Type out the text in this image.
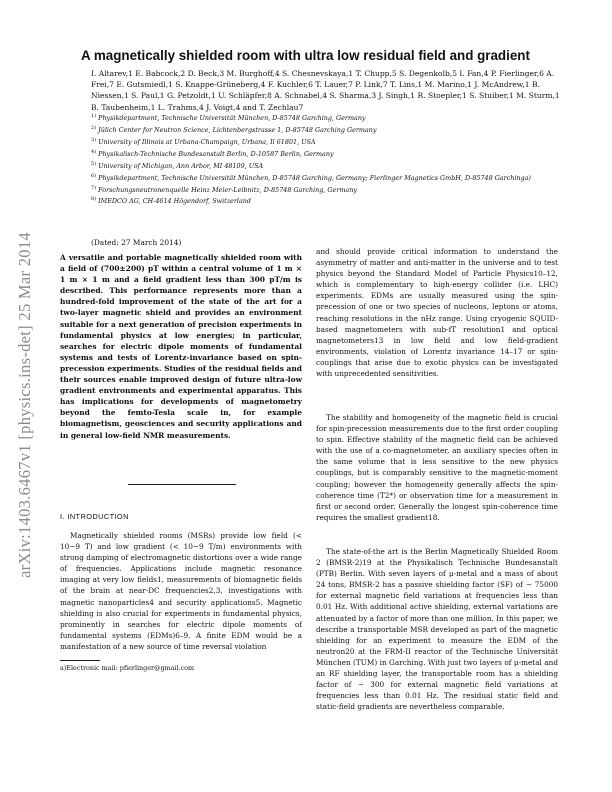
arXiv:1403.6467v1 [physics.ins-det] 25 Mar 2014
A magnetically shielded room with ultra low residual field and gradient

I. Altarev,1 E. Babcock,2 D. Beck,3 M. Burghoff,4 S. Chesnevskaya,1 T. Chupp,5 S. Degenkolb,5 I. Fan,4 P. Fierlinger,6 A. Frei,7 E. Gutsmiedl,1 S. Knappe-Grüneberg,4 F. Kuchler,6 T. Lauer,7 P. Link,7 T. Lins,1 M. Marino,1 J. McAndrew,1 B. Niessen,1 S. Paul,1 G. Petzoldt,1 U. Schläpfer,8 A. Schnabel,4 S. Sharma,3 J. Singh,1 R. Stoepler,1 S. Stuiber,1 M. Sturm,1 B. Taubenheim,1 L. Trahms,4 J. Voigt,4 and T. Zechlau7

$^{1)}$ Physikdepartment, Technische Universität München, D-85748 Garching, Germany
$^{2)}$ Jülich Center for Neutron Science, Lichtenbergstrasse 1, D-85748 Garching Germany
$^{3)}$ University of Illinois at Urbana-Champaign, Urbana, Il 61801, USA
$^{4)}$ Physikalisch-Technische Bundesanstalt Berlin, D-10587 Berlin, Germany
$^{5)}$ University of Michigan, Ann Arbor, MI 48109, USA
$^{6)}$ Physikdepartment, Technische Universität München, D-85748 Garching, Germany; Fierlinger Magnetics GmbH, D-85748 Garchinga)
$^{7)}$ Forschungsneutronenquelle Heinz Meier-Leibnitz, D-85748 Garching, Germany
$^{8)}$ IMEDCO AG, CH-4614 Högendorf, Switzerland

(Dated: 27 March 2014)

A versatile and portable magnetically shielded room with a field of (700±200) pT within a central volume of 1 m × 1 m × 1 m and a field gradient less than 300 pT/m is described. This performance represents more than a hundred-fold improvement of the state of the art for a two-layer magnetic shield and provides an environment suitable for a next generation of precision experiments in fundamental physics at low energies; in particular, searches for electric dipole moments of fundamental systems and tests of Lorentz-invariance based on spin-precession experiments. Studies of the residual fields and their sources enable improved design of future ultra-low gradient environments and experimental apparatus. This has implications for developments of magnetometry beyond the femto-Tesla scale in, for example biomagnetism, geosciences and security applications and in general low-field NMR measurements.

I. INTRODUCTION

Magnetically shielded rooms (MSRs) provide low field (< 10−9 T) and low gradient (< 10−9 T/m) environments with strong damping of electromagnetic distortions over a wide range of frequencies. Applications include magnetic resonance imaging at very low fields1, measurements of biomagnetic fields of the brain at near-DC frequencies2,3, investigations with magnetic nanoparticles4 and security applications5. Magnetic shielding is also crucial for experiments in fundamental physics, prominently in searches for electric dipole moments of fundamental systems (EDMs)6–9. A finite EDM would be a manifestation of a new source of time reversal violation

a)Electronic mail: pfierlinger@gmail.com

and should provide critical information to understand the asymmetry of matter and anti-matter in the universe and to test physics beyond the Standard Model of Particle Physics10–12, which is complementary to high-energy collider (i.e. LHC) experiments. EDMs are usually measured using the spin-precession of one or two species of nucleons, leptons or atoms, reaching resolutions in the nHz range. Using cryogenic SQUID-based magnetometers with sub-fT resolution1 and optical magnetometers13 in low field and low field-gradient environments, violation of Lorentz invariance 14–17 or spin-couplings that arise due to exotic physics can be investigated with unprecedented sensitivities.

The stability and homogeneity of the magnetic field is crucial for spin-precession measurements due to the first order coupling to spin. Effective stability of the magnetic field can be achieved with the use of a co-magnetometer, an auxiliary species often in the same volume that is less sensitive to the new physics couplings, but is comparably sensitive to the magnetic-moment coupling; however the homogeneity generally affects the spin-coherence time (T2*) or observation time for a measurement in first or second order. Generally the longest spin-coherence time requires the smallest gradient18.

The state-of-the art is the Berlin Magnetically Shielded Room 2 (BMSR-2)19 at the Physikalisch Technische Bundesanstalt (PTB) Berlin. With seven layers of μ-metal and a mass of about 24 tons, BMSR-2 has a passive shielding factor (SF) of ∼ 75000 for external magnetic field variations at frequencies less than 0.01 Hz. With additional active shielding, external variations are attenuated by a factor of more than one million. In this paper, we describe a transportable MSR developed as part of the magnetic shielding for an experiment to measure the EDM of the neutron20 at the FRM-II reactor of the Technische Universität München (TUM) in Garching. With just two layers of μ-metal and an RF shielding layer, the transportable room has a shielding factor of ∼ 300 for external magnetic field variations at frequencies less than 0.01 Hz. The residual static field and static-field gradients are nevertheless comparable.
